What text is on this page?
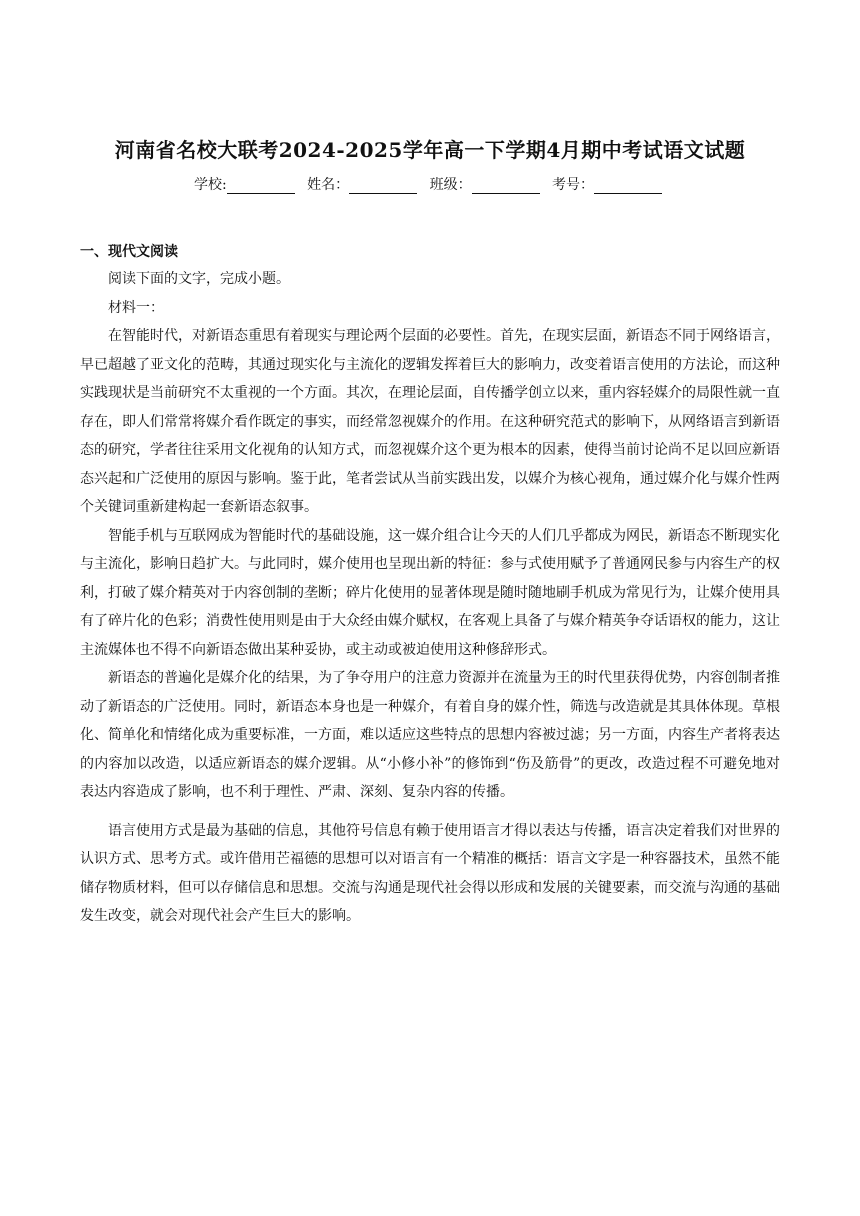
河南省名校大联考2024-2025学年高一下学期4月期中考试语文试题
学校:	姓名：	班级：	考号：
一、现代文阅读

阅读下面的文字，完成小题。

材料一：

在智能时代，对新语态重思有着现实与理论两个层面的必要性。首先，在现实层面，新语态不同于网络语言，早已超越了亚文化的范畴，其通过现实化与主流化的逻辑发挥着巨大的影响力，改变着语言使用的方法论，而这种实践现状是当前研究不太重视的一个方面。其次，在理论层面，自传播学创立以来，重内容轻媒介的局限性就一直存在，即人们常常将媒介看作既定的事实，而经常忽视媒介的作用。在这种研究范式的影响下，从网络语言到新语态的研究，学者往往采用文化视角的认知方式，而忽视媒介这个更为根本的因素，使得当前讨论尚不足以回应新语态兴起和广泛使用的原因与影响。鉴于此，笔者尝试从当前实践出发，以媒介为核心视角，通过媒介化与媒介性两个关键词重新建构起一套新语态叙事。

智能手机与互联网成为智能时代的基础设施，这一媒介组合让今天的人们几乎都成为网民，新语态不断现实化与主流化，影响日趋扩大。与此同时，媒介使用也呈现出新的特征：参与式使用赋予了普通网民参与内容生产的权利，打破了媒介精英对于内容创制的垄断；碎片化使用的显著体现是随时随地刷手机成为常见行为，让媒介使用具有了碎片化的色彩；消费性使用则是由于大众经由媒介赋权，在客观上具备了与媒介精英争夺话语权的能力，这让主流媒体也不得不向新语态做出某种妥协，或主动或被迫使用这种修辞形式。

新语态的普遍化是媒介化的结果，为了争夺用户的注意力资源并在流量为王的时代里获得优势，内容创制者推动了新语态的广泛使用。同时，新语态本身也是一种媒介，有着自身的媒介性，筛选与改造就是其具体体现。草根化、简单化和情绪化成为重要标准，一方面，难以适应这些特点的思想内容被过滤；另一方面，内容生产者将表达的内容加以改造，以适应新语态的媒介逻辑。从“小修小补”的修饰到“伤及筋骨”的更改，改造过程不可避免地对表达内容造成了影响，也不利于理性、严肃、深刻、复杂内容的传播。

语言使用方式是最为基础的信息，其他符号信息有赖于使用语言才得以表达与传播，语言决定着我们对世界的认识方式、思考方式。或许借用芒福德的思想可以对语言有一个精准的概括：语言文字是一种容器技术，虽然不能储存物质材料，但可以存储信息和思想。交流与沟通是现代社会得以形成和发展的关键要素，而交流与沟通的基础发生改变，就会对现代社会产生巨大的影响。
